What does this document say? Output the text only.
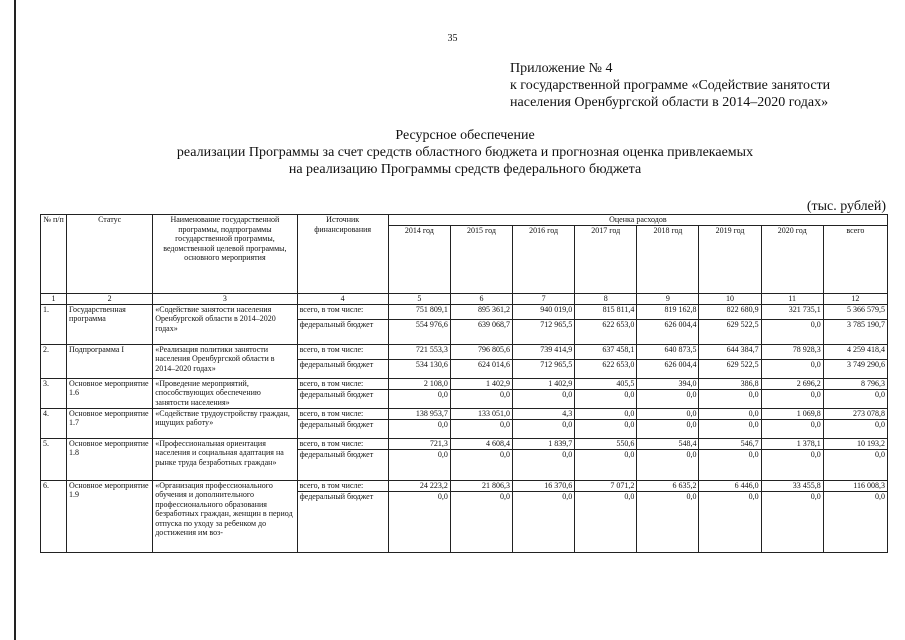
35
Приложение № 4
к государственной программе «Содействие занятости
населения Оренбургской области в 2014–2020 годах»
Ресурсное обеспечение
реализации Программы за счет средств областного бюджета и прогнозная оценка привлекаемых
на реализацию Программы средств федерального бюджета
(тыс. рублей)
№ п/п	Статус	Наименование государственной программы, подпрограммы государственной программы, ведомственной целевой программы, основного мероприятия	Источник финансирования	Оценка расходов							
				2014 год	2015 год	2016 год	2017 год	2018 год	2019 год	2020 год	всего
1	2	3	4	5	6	7	8	9	10	11	12
1.	Государственная программа	«Содействие занятости населения Оренбургской области в 2014–2020 годах»	всего, в том числе:	751 809,1	895 361,2	940 019,0	815 811,4	819 162,8	822 680,9	321 735,1	5 366 579,5
			федеральный бюджет	554 976,6	639 068,7	712 965,5	622 653,0	626 004,4	629 522,5	0,0	3 785 190,7
2.	Подпрограмма I	«Реализация политики занятости населения Оренбургской области в 2014–2020 годах»	всего, в том числе:	721 553,3	796 805,6	739 414,9	637 458,1	640 873,5	644 384,7	78 928,3	4 259 418,4
			федеральный бюджет	534 130,6	624 014,6	712 965,5	622 653,0	626 004,4	629 522,5	0,0	3 749 290,6
3.	Основное мероприятие 1.6	«Проведение мероприятий, способствующих обеспечению занятости населения»	всего, в том числе:	2 108,0	1 402,9	1 402,9	405,5	394,0	386,8	2 696,2	8 796,3
			федеральный бюджет	0,0	0,0	0,0	0,0	0,0	0,0	0,0	0,0
4.	Основное мероприятие 1.7	«Содействие трудоустройству граждан, ищущих работу»	всего, в том числе:	138 953,7	133 051,0	4,3	0,0	0,0	0,0	1 069,8	273 078,8
			федеральный бюджет	0,0	0,0	0,0	0,0	0,0	0,0	0,0	0,0
5.	Основное мероприятие 1.8	«Профессиональная ориентация населения и социальная адаптация на рынке труда безработных граждан»	всего, в том числе:	721,3	4 608,4	1 839,7	550,6	548,4	546,7	1 378,1	10 193,2
			федеральный бюджет	0,0	0,0	0,0	0,0	0,0	0,0	0,0	0,0
6.	Основное мероприятие 1.9	«Организация профессионального обучения и дополнительного профессионального образования безработных граждан, женщин в период отпуска по уходу за ребенком до достижения им воз-	всего, в том числе:	24 223,2	21 806,3	16 370,6	7 071,2	6 635,2	6 446,0	33 455,8	116 008,3
			федеральный бюджет	0,0	0,0	0,0	0,0	0,0	0,0	0,0	0,0
